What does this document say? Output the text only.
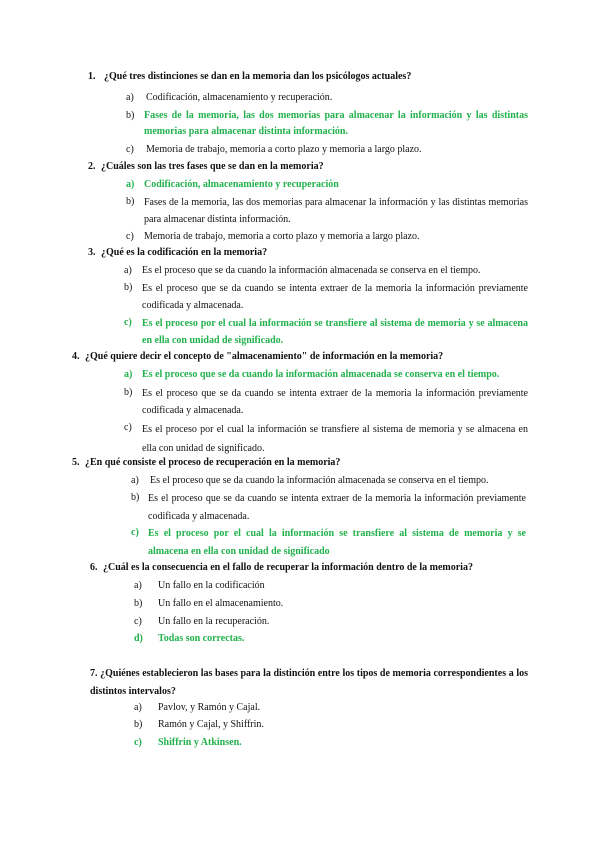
1. ¿Qué tres distinciones se dan en la memoria dan los psicólogos actuales?
a) Codificación, almacenamiento y recuperación.
b) Fases de la memoria, las dos memorias para almacenar la información y las distintas memorias para almacenar distinta información.
c) Memoria de trabajo, memoria a corto plazo y memoria a largo plazo.
2. ¿Cuáles son las tres fases que se dan en la memoria?
a) Codificación, almacenamiento y recuperación
b) Fases de la memoria, las dos memorias para almacenar la información y las distintas memorias para almacenar distinta información.
c) Memoria de trabajo, memoria a corto plazo y memoria a largo plazo.
3. ¿Qué es la codificación en la memoria?
a) Es el proceso que se da cuando la información almacenada se conserva en el tiempo.
b) Es el proceso que se da cuando se intenta extraer de la memoria la información previamente codificada y almacenada.
c) Es el proceso por el cual la información se transfiere al sistema de memoria y se almacena en ella con unidad de significado.
4. ¿Qué quiere decir el concepto de "almacenamiento" de información en la memoria?
a) Es el proceso que se da cuando la información almacenada se conserva en el tiempo.
b) Es el proceso que se da cuando se intenta extraer de la memoria la información previamente codificada y almacenada.
c) Es el proceso por el cual la información se transfiere al sistema de memoria y se almacena en ella con unidad de significado.
5. ¿En qué consiste el proceso de recuperación en la memoria?
a) Es el proceso que se da cuando la información almacenada se conserva en el tiempo.
b) Es el proceso que se da cuando se intenta extraer de la memoria la información previamente codificada y almacenada.
c) Es el proceso por el cual la información se transfiere al sistema de memoria y se almacena en ella con unidad de significado
6. ¿Cuál es la consecuencia en el fallo de recuperar la información dentro de la memoria?
a) Un fallo en la codificación
b) Un fallo en el almacenamiento.
c) Un fallo en la recuperación.
d) Todas son correctas.
7. ¿Quiénes establecieron las bases para la distinción entre los tipos de memoria correspondientes a los distintos intervalos?
a) Pavlov, y Ramón y Cajal.
b) Ramón y Cajal, y Shiffrin.
c) Shiffrin y Atkinsen.
